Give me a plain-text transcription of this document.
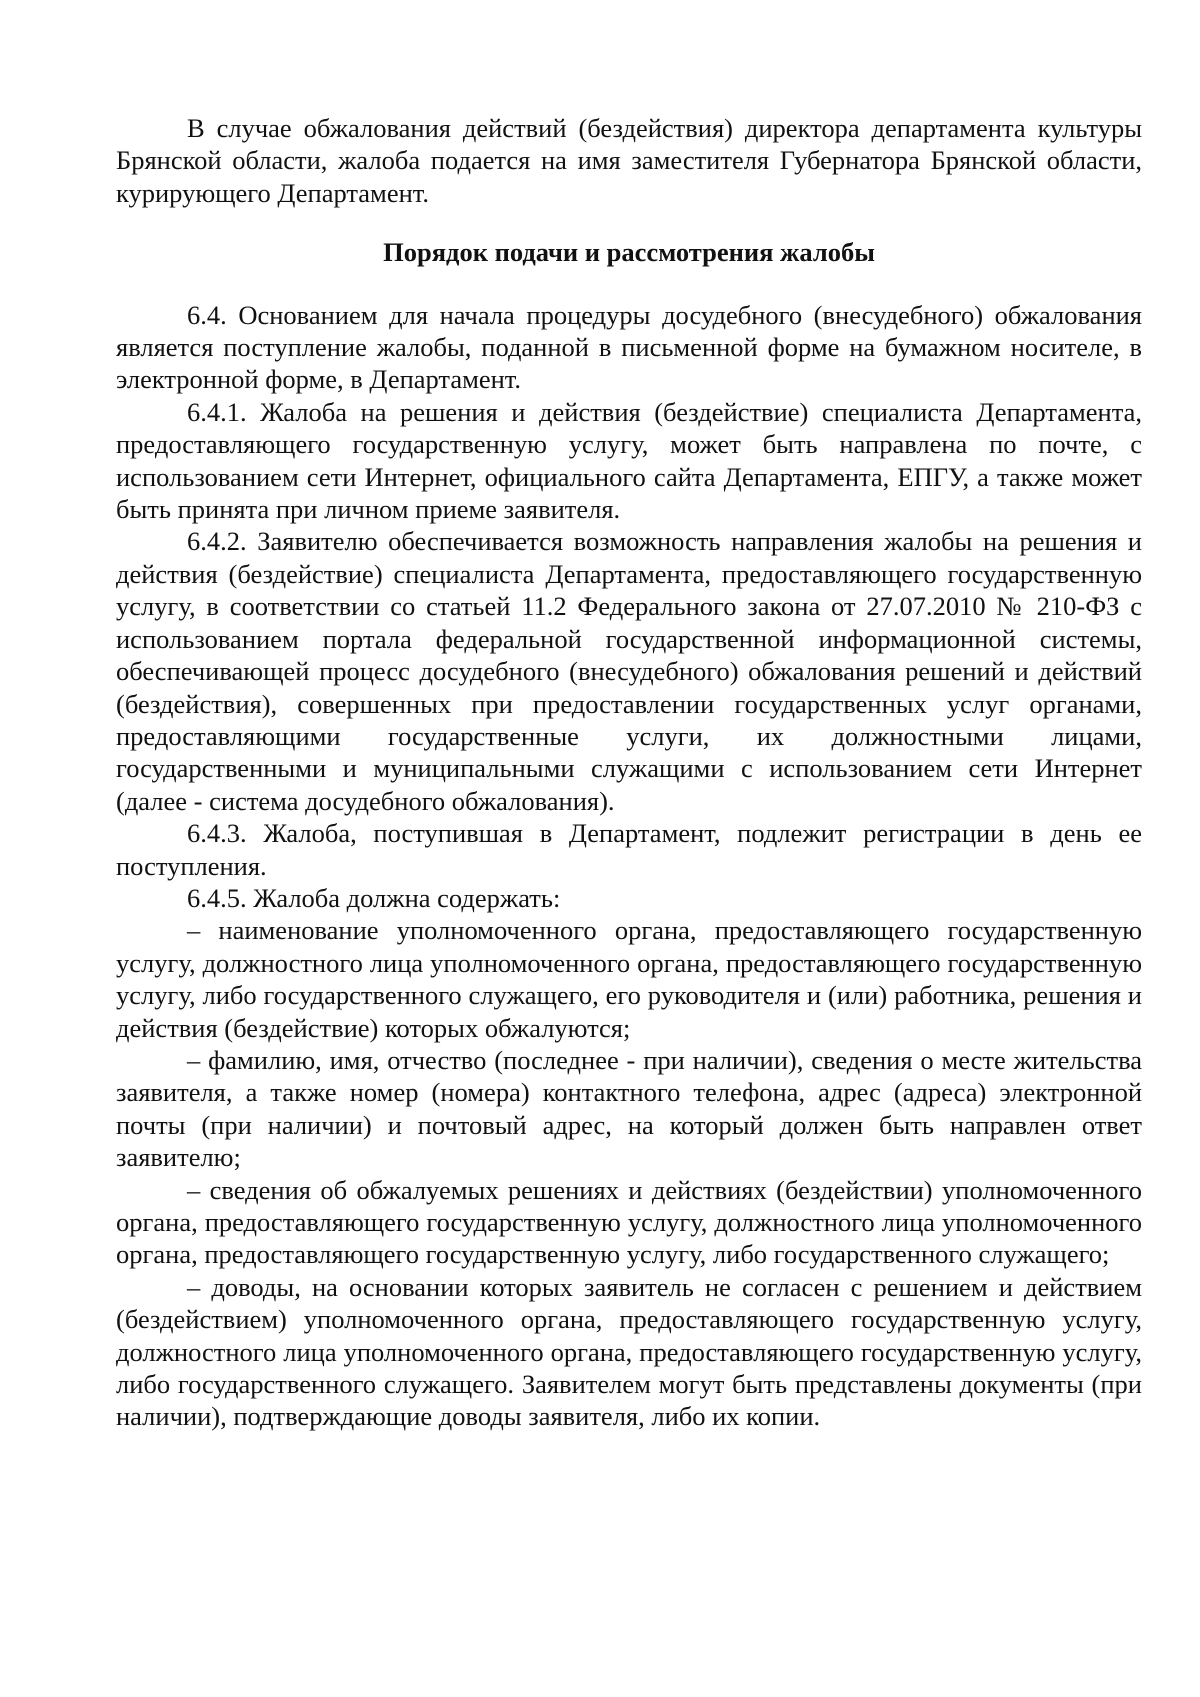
В случае обжалования действий (бездействия) директора департамента культуры Брянской области, жалоба подается на имя заместителя Губернатора Брянской области, курирующего Департамент.

Порядок подачи и рассмотрения жалобы

6.4. Основанием для начала процедуры досудебного (внесудебного) обжалования является поступление жалобы, поданной в письменной форме на бумажном носителе, в электронной форме, в Департамент.

6.4.1. Жалоба на решения и действия (бездействие) специалиста Департамента, предоставляющего государственную услугу, может быть направлена по почте, с использованием сети Интернет, официального сайта Департамента, ЕПГУ, а также может быть принята при личном приеме заявителя.

6.4.2. Заявителю обеспечивается возможность направления жалобы на решения и действия (бездействие) специалиста Департамента, предоставляющего государственную услугу, в соответствии со статьей 11.2 Федерального закона от 27.07.2010 № 210-ФЗ с использованием портала федеральной государственной информационной системы, обеспечивающей процесс досудебного (внесудебного) обжалования решений и действий (бездействия), совершенных при предоставлении государственных услуг органами, предоставляющими государственные услуги, их должностными лицами, государственными и муниципальными служащими с использованием сети Интернет (далее - система досудебного обжалования).

6.4.3. Жалоба, поступившая в Департамент, подлежит регистрации в день ее поступления.

6.4.5. Жалоба должна содержать:

– наименование уполномоченного органа, предоставляющего государственную услугу, должностного лица уполномоченного органа, предоставляющего государственную услугу, либо государственного служащего, его руководителя и (или) работника, решения и действия (бездействие) которых обжалуются;

– фамилию, имя, отчество (последнее - при наличии), сведения о месте жительства заявителя, а также номер (номера) контактного телефона, адрес (адреса) электронной почты (при наличии) и почтовый адрес, на который должен быть направлен ответ заявителю;

– сведения об обжалуемых решениях и действиях (бездействии) уполномоченного органа, предоставляющего государственную услугу, должностного лица уполномоченного органа, предоставляющего государственную услугу, либо государственного служащего;

– доводы, на основании которых заявитель не согласен с решением и действием (бездействием) уполномоченного органа, предоставляющего государственную услугу, должностного лица уполномоченного органа, предоставляющего государственную услугу, либо государственного служащего. Заявителем могут быть представлены документы (при наличии), подтверждающие доводы заявителя, либо их копии.
